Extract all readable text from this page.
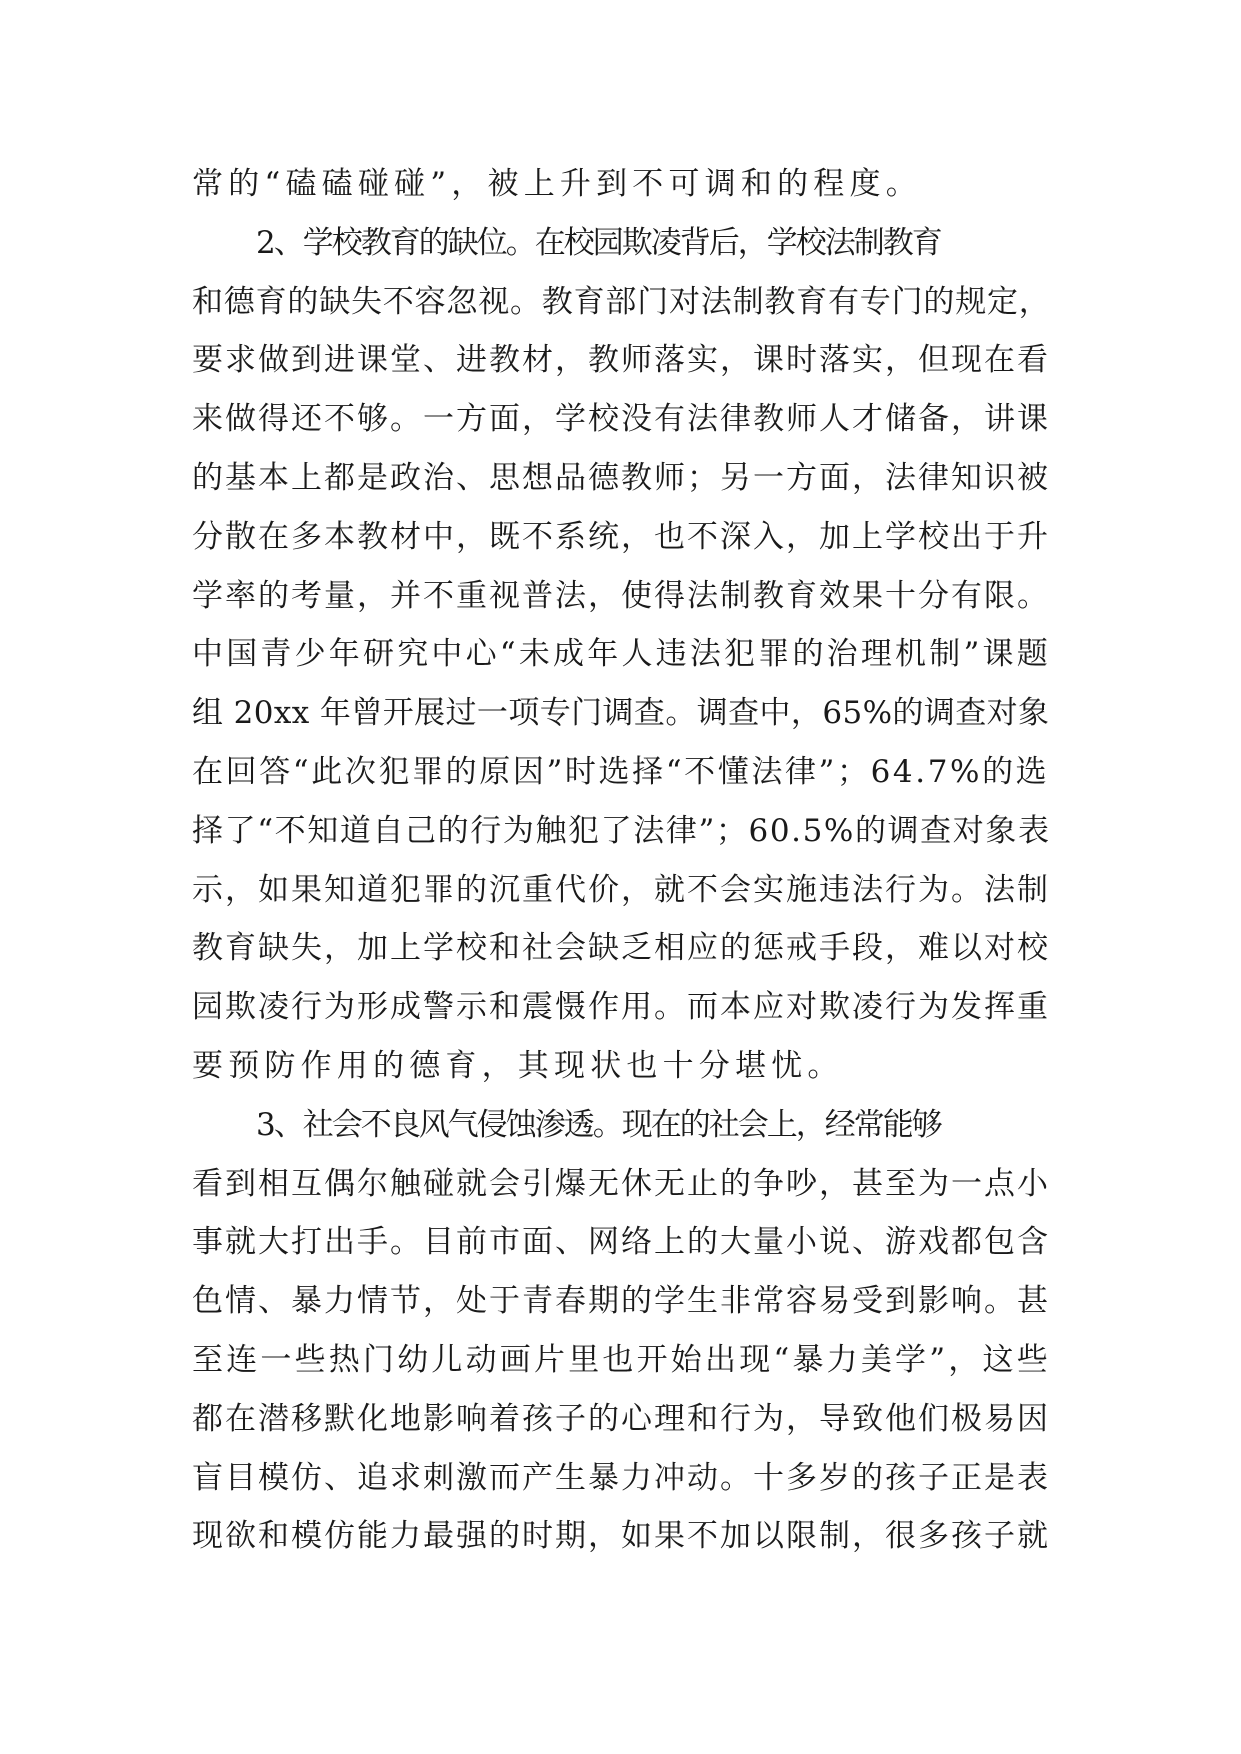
常的“磕磕碰碰”，被上升到不可调和的程度。
2、学校教育的缺位。在校园欺凌背后，学校法制教育
和德育的缺失不容忽视。教育部门对法制教育有专门的规定，
要求做到进课堂、进教材，教师落实，课时落实，但现在看
来做得还不够。一方面，学校没有法律教师人才储备，讲课
的基本上都是政治、思想品德教师；另一方面，法律知识被
分散在多本教材中，既不系统，也不深入，加上学校出于升
学率的考量，并不重视普法，使得法制教育效果十分有限。
中国青少年研究中心“未成年人违法犯罪的治理机制”课题
组 20xx 年曾开展过一项专门调查。调查中，65%的调查对象
在回答“此次犯罪的原因”时选择“不懂法律”；64.7%的选
择了“不知道自己的行为触犯了法律”；60.5%的调查对象表
示，如果知道犯罪的沉重代价，就不会实施违法行为。法制
教育缺失，加上学校和社会缺乏相应的惩戒手段，难以对校
园欺凌行为形成警示和震慑作用。而本应对欺凌行为发挥重
要预防作用的德育，其现状也十分堪忧。
3、社会不良风气侵蚀渗透。现在的社会上，经常能够
看到相互偶尔触碰就会引爆无休无止的争吵，甚至为一点小
事就大打出手。目前市面、网络上的大量小说、游戏都包含
色情、暴力情节，处于青春期的学生非常容易受到影响。甚
至连一些热门幼儿动画片里也开始出现“暴力美学”，这些
都在潜移默化地影响着孩子的心理和行为，导致他们极易因
盲目模仿、追求刺激而产生暴力冲动。十多岁的孩子正是表
现欲和模仿能力最强的时期，如果不加以限制，很多孩子就
